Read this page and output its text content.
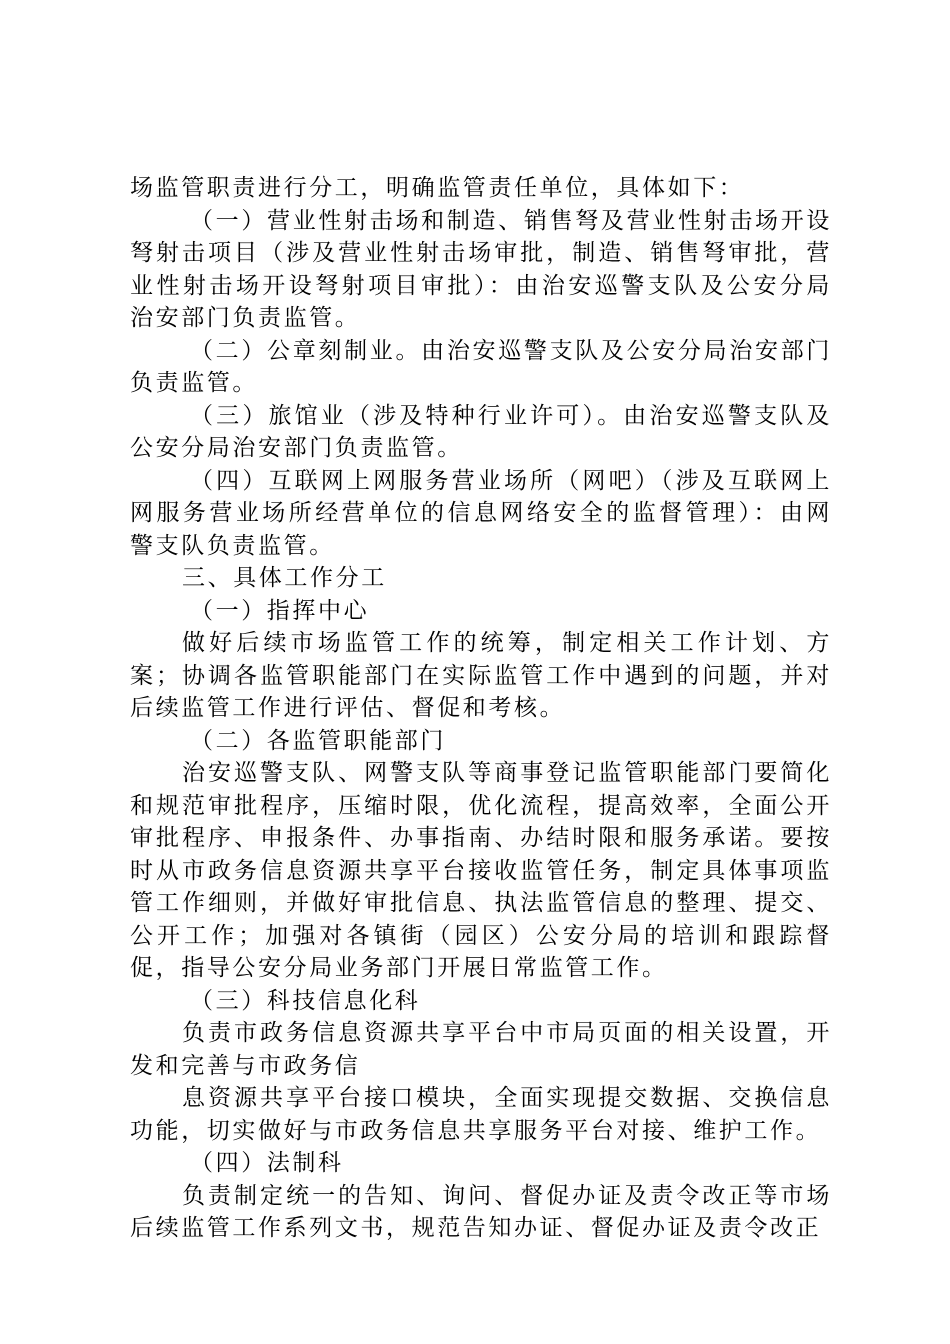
场监管职责进行分工，明确监管责任单位，具体如下：

（一）营业性射击场和制造、销售弩及营业性射击场开设弩射击项目（涉及营业性射击场审批，制造、销售弩审批，营业性射击场开设弩射项目审批）：由治安巡警支队及公安分局治安部门负责监管。

（二）公章刻制业。由治安巡警支队及公安分局治安部门负责监管。

（三）旅馆业（涉及特种行业许可）。由治安巡警支队及公安分局治安部门负责监管。

（四）互联网上网服务营业场所（网吧）（涉及互联网上网服务营业场所经营单位的信息网络安全的监督管理）：由网警支队负责监管。

三、具体工作分工

（一）指挥中心

做好后续市场监管工作的统筹，制定相关工作计划、方案；协调各监管职能部门在实际监管工作中遇到的问题，并对后续监管工作进行评估、督促和考核。

（二）各监管职能部门

治安巡警支队、网警支队等商事登记监管职能部门要简化和规范审批程序，压缩时限，优化流程，提高效率，全面公开审批程序、申报条件、办事指南、办结时限和服务承诺。要按时从市政务信息资源共享平台接收监管任务，制定具体事项监管工作细则，并做好审批信息、执法监管信息的整理、提交、公开工作；加强对各镇街（园区）公安分局的培训和跟踪督促，指导公安分局业务部门开展日常监管工作。

（三）科技信息化科

负责市政务信息资源共享平台中市局页面的相关设置，开发和完善与市政务信

息资源共享平台接口模块，全面实现提交数据、交换信息功能，切实做好与市政务信息共享服务平台对接、维护工作。

（四）法制科

负责制定统一的告知、询问、督促办证及责令改正等市场后续监管工作系列文书，规范告知办证、督促办证及责令改正
